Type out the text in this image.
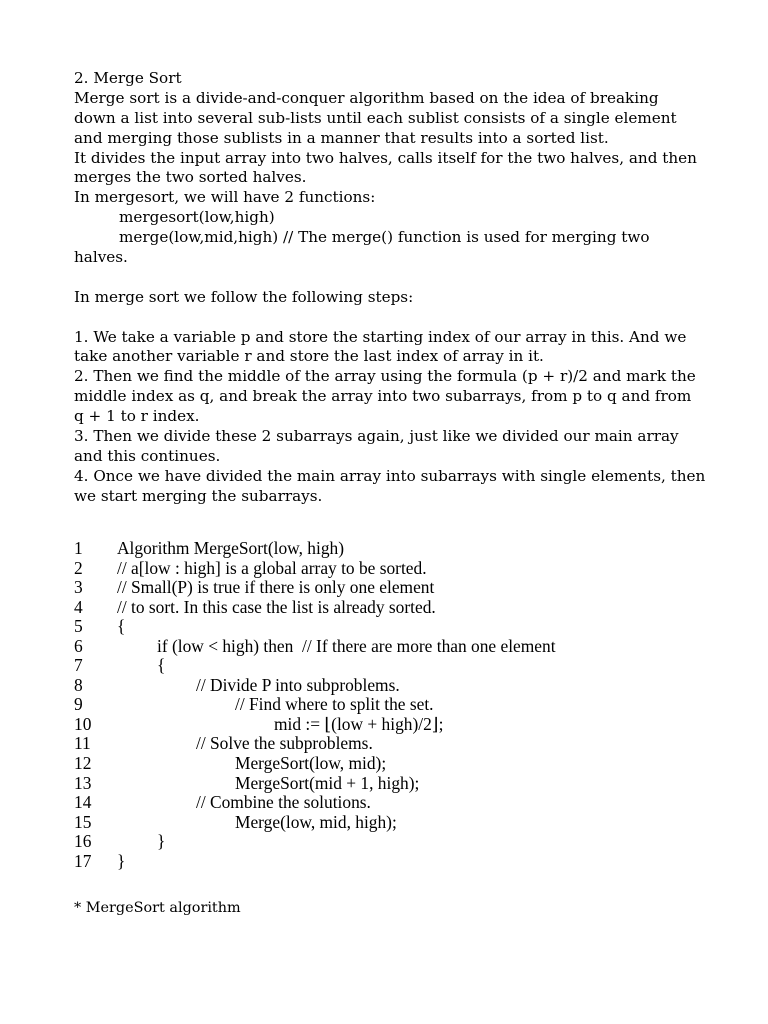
2. Merge Sort
Merge sort is a divide-and-conquer algorithm based on the idea of breaking
down a list into several sub-lists until each sublist consists of a single element
and merging those sublists in a manner that results into a sorted list.
It divides the input array into two halves, calls itself for the two halves, and then
merges the two sorted halves.
In mergesort, we will have 2 functions:
mergesort(low,high)
merge(low,mid,high) // The merge() function is used for merging two
halves.
In merge sort we follow the following steps:
1. We take a variable p and store the starting index of our array in this. And we
take another variable r and store the last index of array in it.
2. Then we find the middle of the array using the formula (p + r)/2 and mark the
middle index as q, and break the array into two subarrays, from p to q and from
q + 1 to r index.
3. Then we divide these 2 subarrays again, just like we divided our main array
and this continues.
4. Once we have divided the main array into subarrays with single elements, then
we start merging the subarrays.
1	Algorithm MergeSort(low, high)
2	// a[low : high] is a global array to be sorted.
3	// Small(P) is true if there is only one element
4	// to sort. In this case the list is already sorted.
5	{
6	if (low < high) then  // If there are more than one element
7	{
8	// Divide P into subproblems.
9	// Find where to split the set.
10	mid := ⌊(low + high)/2⌋;
11	// Solve the subproblems.
12	MergeSort(low, mid);
13	MergeSort(mid + 1, high);
14	// Combine the solutions.
15	Merge(low, mid, high);
16	}
17	}
* MergeSort algorithm
